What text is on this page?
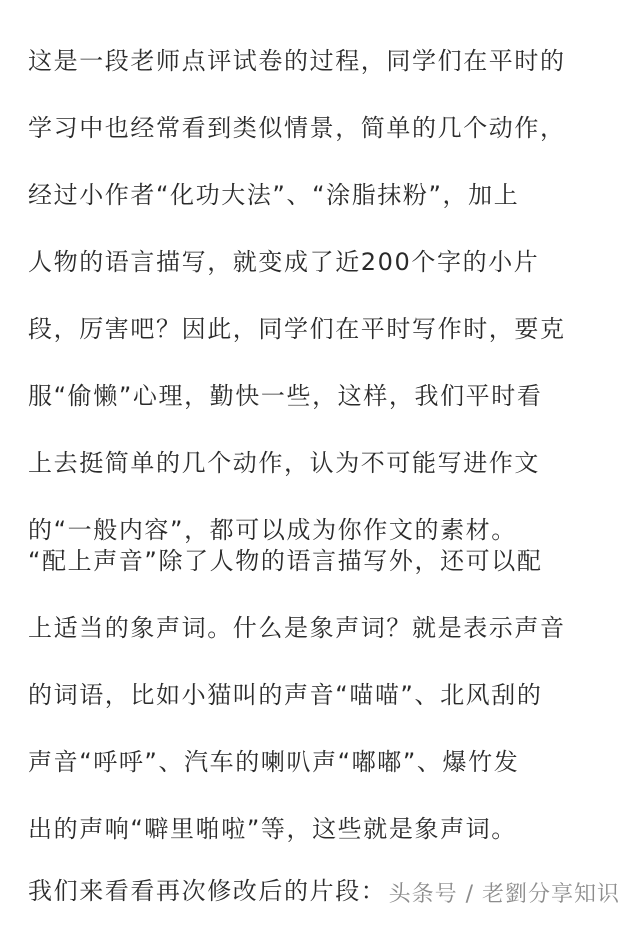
这是一段老师点评试卷的过程，同学们在平时的
学习中也经常看到类似情景，简单的几个动作，
经过小作者“化功大法”、“涂脂抹粉”，加上
人物的语言描写，就变成了近200个字的小片
段，厉害吧？因此，同学们在平时写作时，要克
服“偷懒”心理，勤快一些，这样，我们平时看
上去挺简单的几个动作，认为不可能写进作文
的“一般内容”，都可以成为你作文的素材。
“配上声音”除了人物的语言描写外，还可以配
上适当的象声词。什么是象声词？就是表示声音
的词语，比如小猫叫的声音“喵喵”、北风刮的
声音“呼呼”、汽车的喇叭声“嘟嘟”、爆竹发
出的声响“噼里啪啦”等，这些就是象声词。
我们来看看再次修改后的片段： 头条号 / 老劉分享知识
